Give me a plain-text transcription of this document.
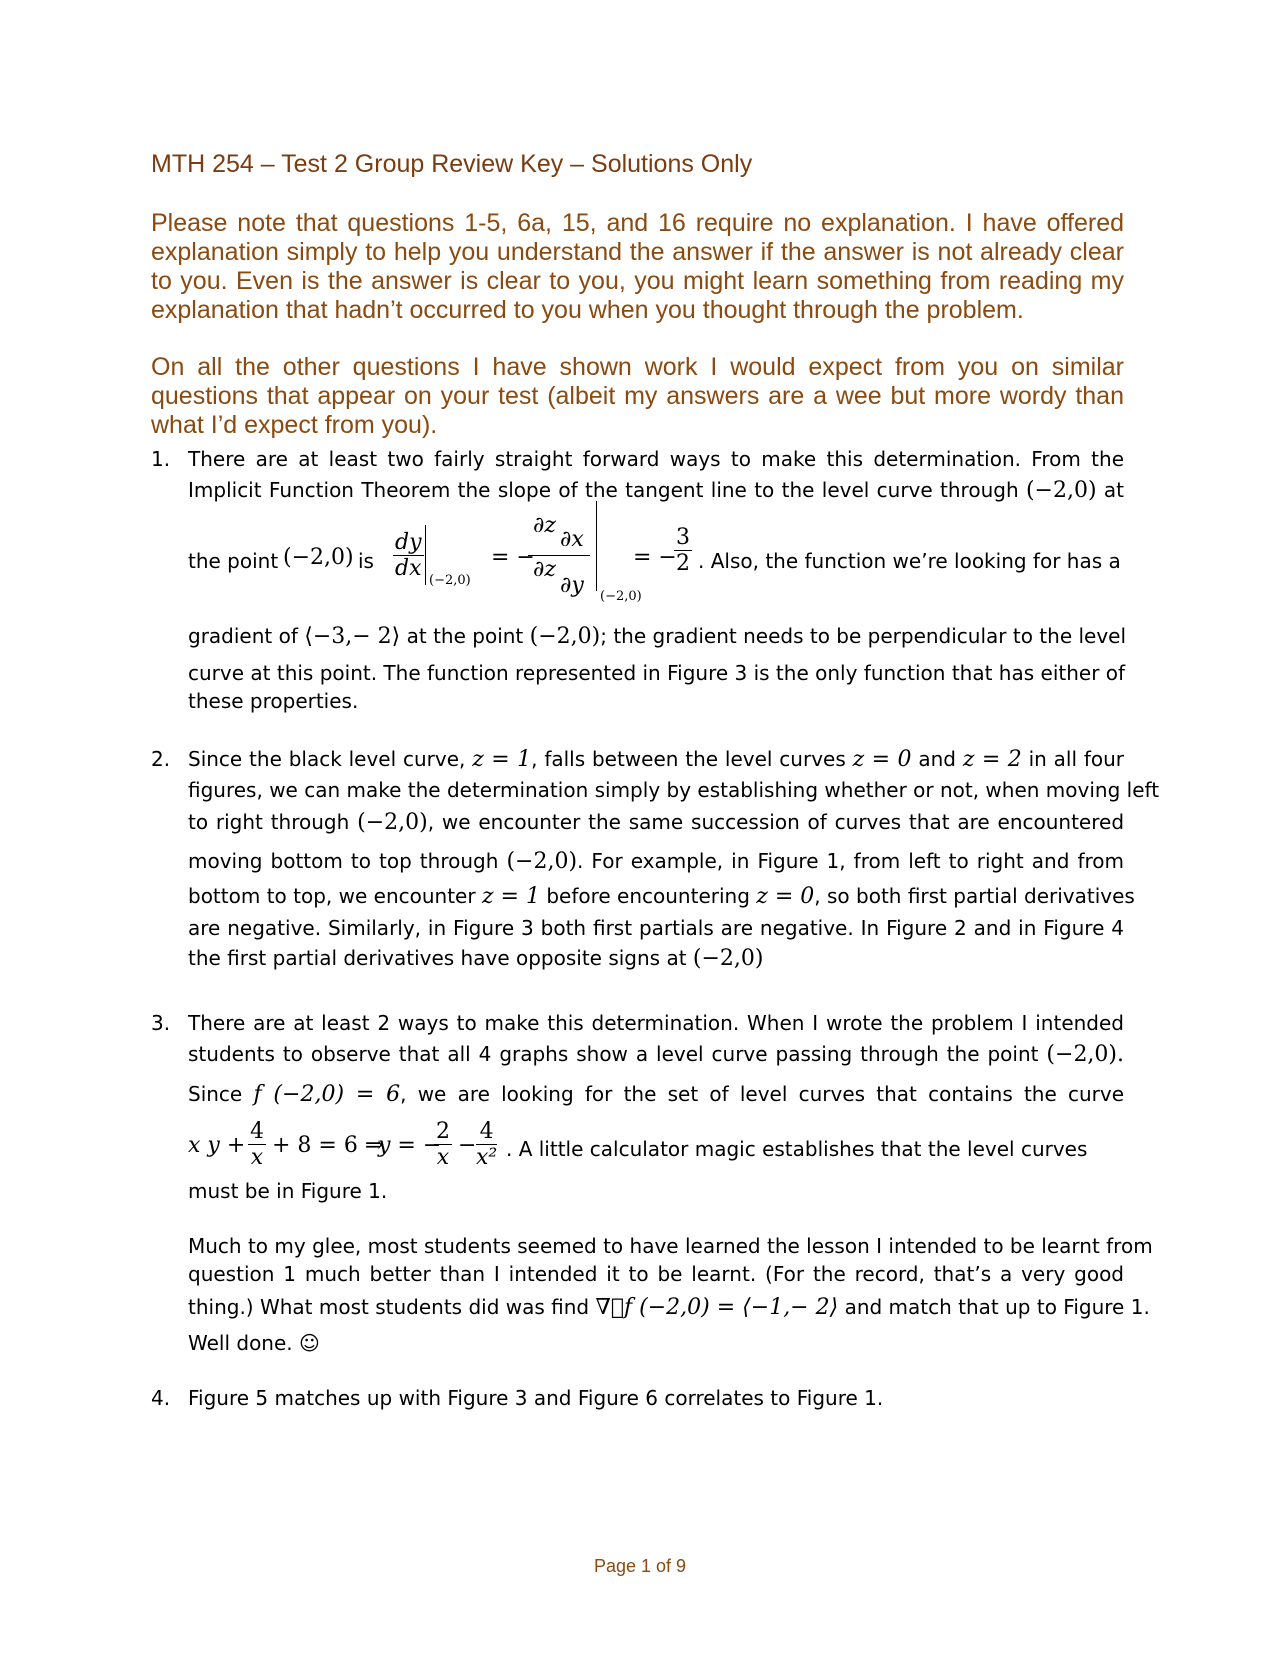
MTH 254 – Test 2 Group Review Key – Solutions Only
Please note that questions 1-5, 6a, 15, and 16 require no explanation. I have offered explanation simply to help you understand the answer if the answer is not already clear to you. Even is the answer is clear to you, you might learn something from reading my explanation that hadn’t occurred to you when you thought through the problem.
On all the other questions I have shown work I would expect from you on similar questions that appear on your test (albeit my answers are a wee but more wordy than what I’d expect from you).
1. There are at least two fairly straight forward ways to make this determination. From the
Implicit Function Theorem the slope of the tangent line to the level curve through (−2,0) at
the point (−2,0) is $\frac{dy}{dx} (-2,0)$
= −
∂z
∂x
∂z
∂y (−2,0)
= −
$\frac{3}{2}$ . Also, the function we’re looking for has a
gradient of ⟨−3,− 2⟩ at the point (−2,0); the gradient needs to be perpendicular to the level
curve at this point. The function represented in Figure 3 is the only function that has either of
these properties.
2. Since the black level curve, z = 1, falls between the level curves z = 0 and z = 2 in all four
figures, we can make the determination simply by establishing whether or not, when moving left
to right through (−2,0), we encounter the same succession of curves that are encountered
moving bottom to top through (−2,0). For example, in Figure 1, from left to right and from
bottom to top, we encounter z = 1 before encountering z = 0, so both first partial derivatives
are negative. Similarly, in Figure 3 both first partials are negative. In Figure 2 and in Figure 4
the first partial derivatives have opposite signs at (−2,0)
3. There are at least 2 ways to make this determination. When I wrote the problem I intended
students to observe that all 4 graphs show a level curve passing through the point (−2,0).
Since f (−2,0) = 6, we are looking for the set of level curves that contains the curve
x $y + \frac{4}{x} + 8 = 6$ ⇒
y = −
$\frac{2}{x} - \frac{4}{\text{x²}}$ . A little calculator magic establishes that the level curves
must be in Figure 1.
Much to my glee, most students seemed to have learned the lesson I intended to be learnt from
question 1 much better than I intended it to be learnt. (For the record, that’s a very good
thing.) What most students did was find ∇⃗f (−2,0) = ⟨−1,− 2⟩ and match that up to Figure 1.
Well done. ☺
4. Figure 5 matches up with Figure 3 and Figure 6 correlates to Figure 1.
Page 1 of 9
